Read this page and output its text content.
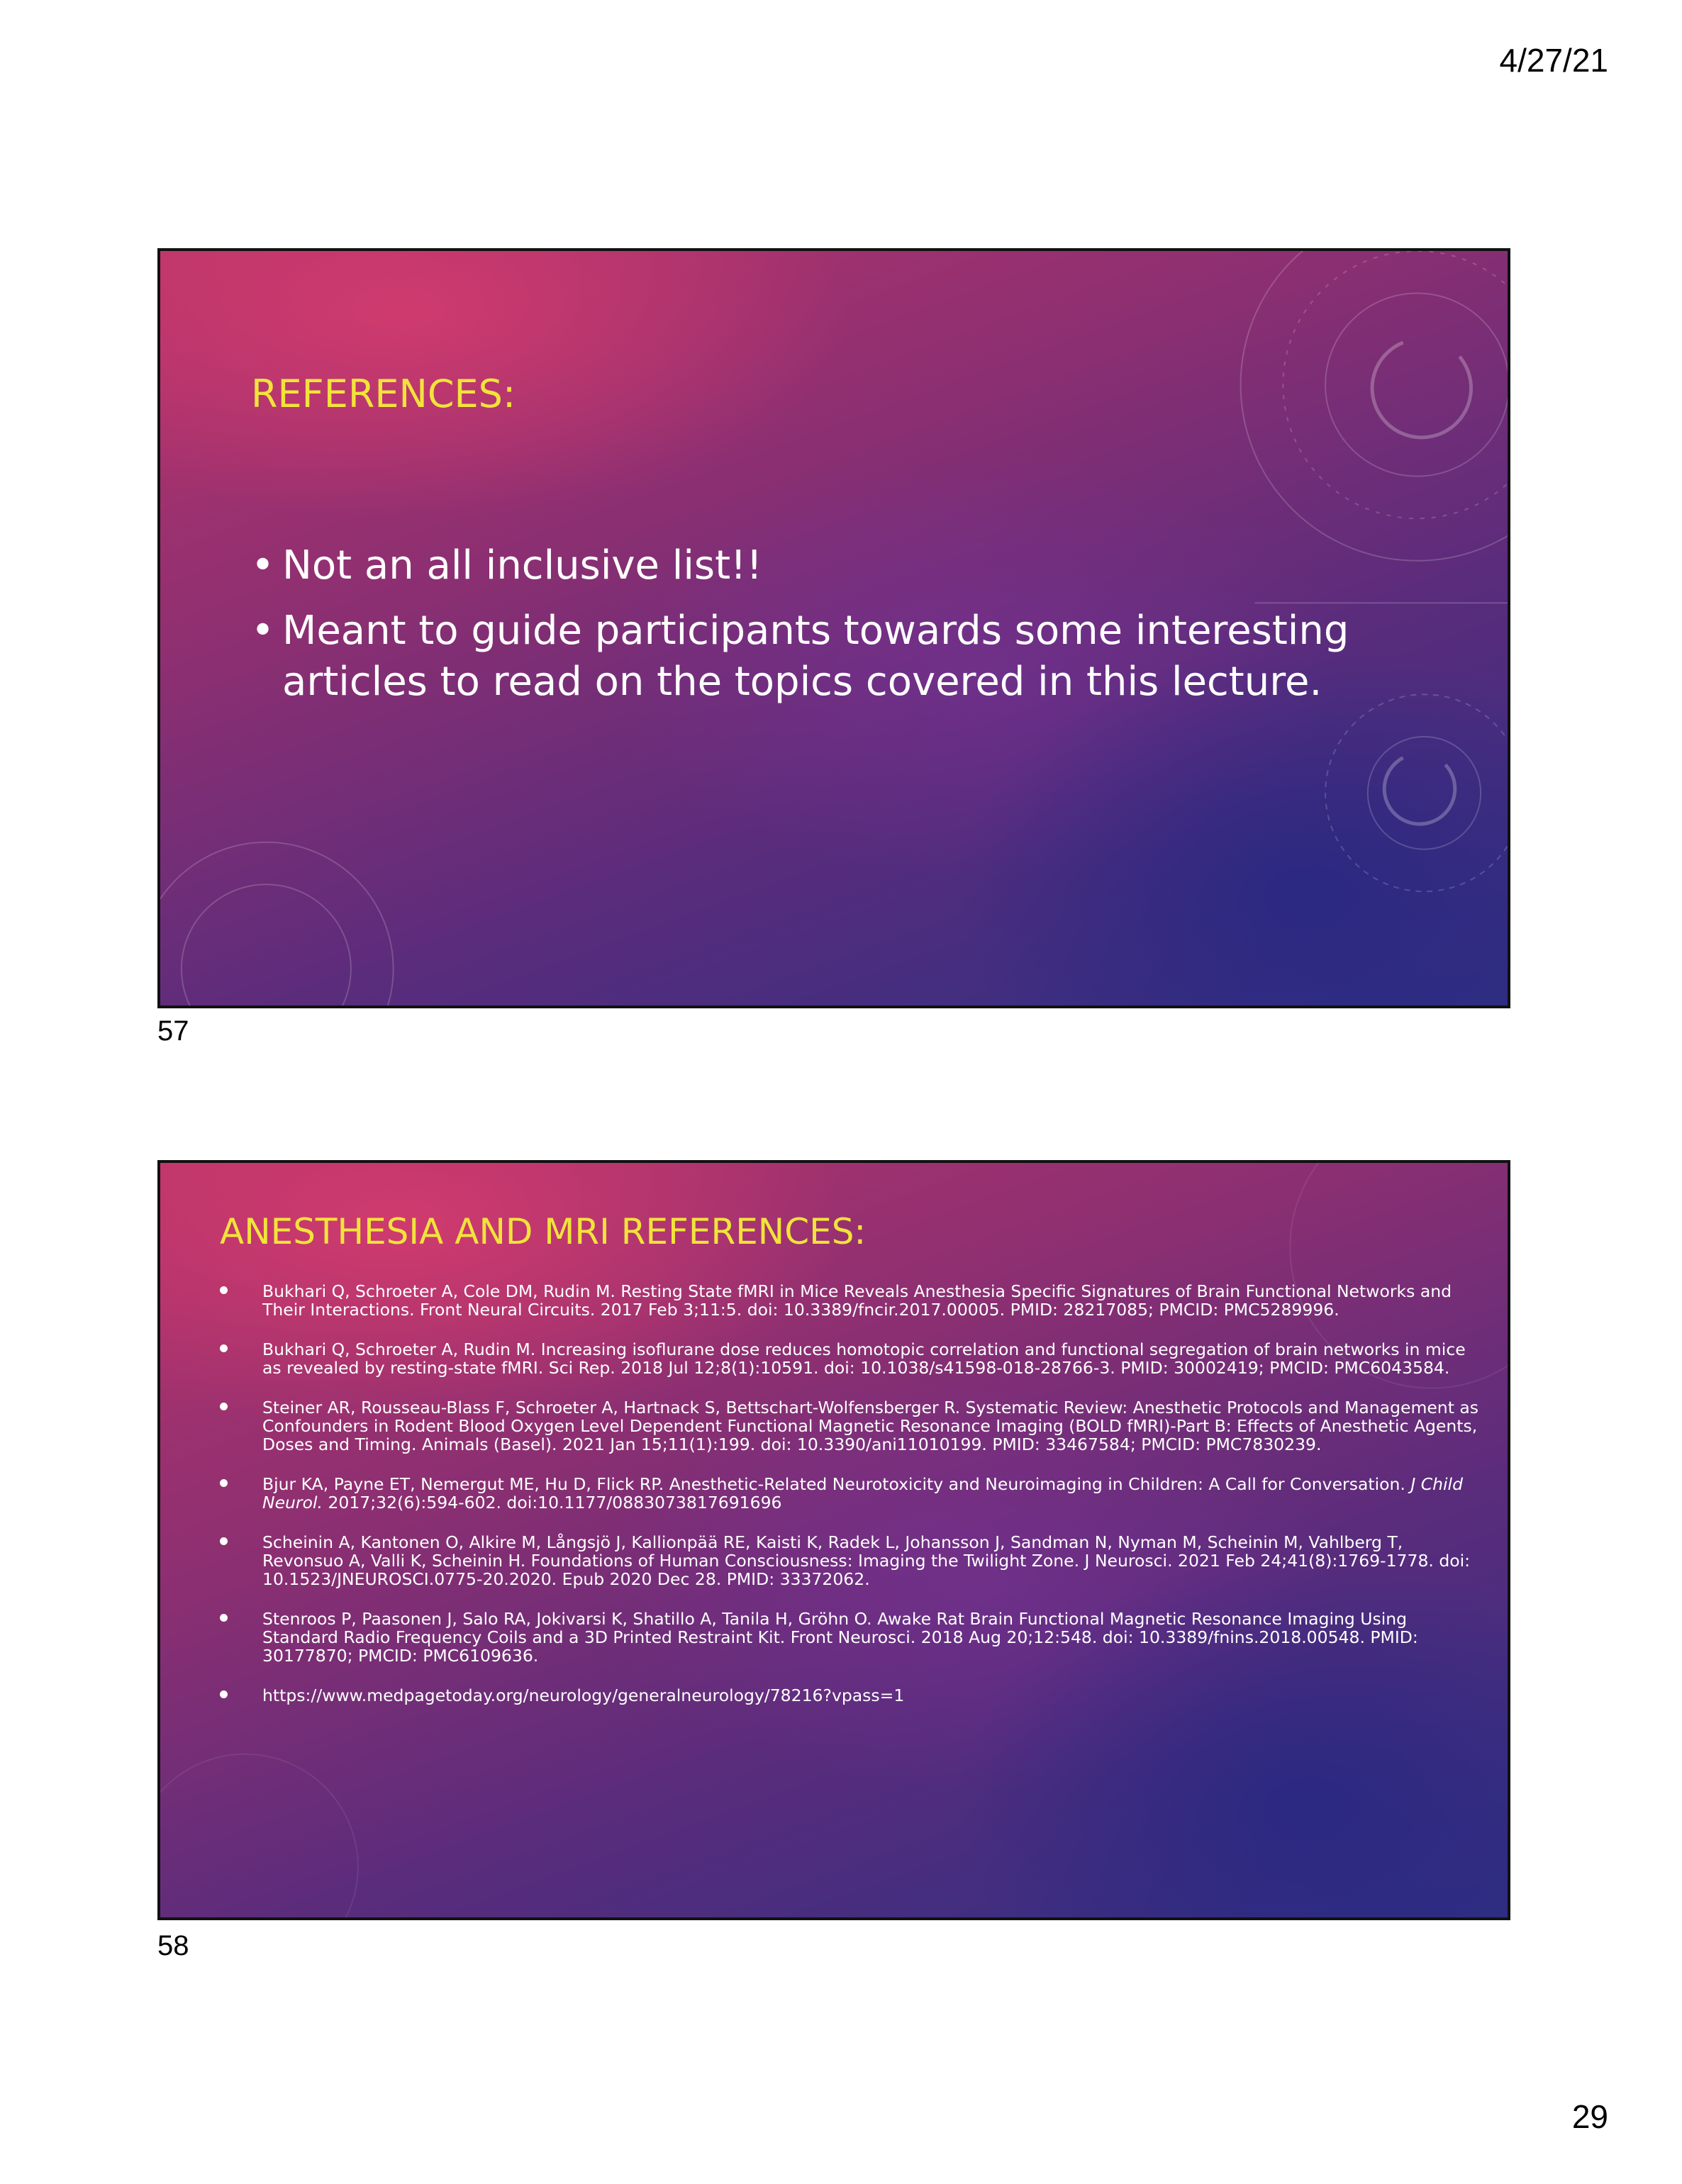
4/27/21
REFERENCES:
• Not an all inclusive list!!
• Meant to guide participants towards some interesting articles to read on the topics covered in this lecture.
57
ANESTHESIA AND MRI REFERENCES:
Bukhari Q, Schroeter A, Cole DM, Rudin M. Resting State fMRI in Mice Reveals Anesthesia Specific Signatures of Brain Functional Networks and Their Interactions. Front Neural Circuits. 2017 Feb 3;11:5. doi: 10.3389/fncir.2017.00005. PMID: 28217085; PMCID: PMC5289996.
Bukhari Q, Schroeter A, Rudin M. Increasing isoflurane dose reduces homotopic correlation and functional segregation of brain networks in mice as revealed by resting-state fMRI. Sci Rep. 2018 Jul 12;8(1):10591. doi: 10.1038/s41598-018-28766-3. PMID: 30002419; PMCID: PMC6043584.
Steiner AR, Rousseau-Blass F, Schroeter A, Hartnack S, Bettschart-Wolfensberger R. Systematic Review: Anesthetic Protocols and Management as Confounders in Rodent Blood Oxygen Level Dependent Functional Magnetic Resonance Imaging (BOLD fMRI)-Part B: Effects of Anesthetic Agents, Doses and Timing. Animals (Basel). 2021 Jan 15;11(1):199. doi: 10.3390/ani11010199. PMID: 33467584; PMCID: PMC7830239.
Bjur KA, Payne ET, Nemergut ME, Hu D, Flick RP. Anesthetic-Related Neurotoxicity and Neuroimaging in Children: A Call for Conversation. J Child Neurol. 2017;32(6):594-602. doi:10.1177/0883073817691696
Scheinin A, Kantonen O, Alkire M, Långsjö J, Kallionpää RE, Kaisti K, Radek L, Johansson J, Sandman N, Nyman M, Scheinin M, Vahlberg T, Revonsuo A, Valli K, Scheinin H. Foundations of Human Consciousness: Imaging the Twilight Zone. J Neurosci. 2021 Feb 24;41(8):1769-1778. doi: 10.1523/JNEUROSCI.0775-20.2020. Epub 2020 Dec 28. PMID: 33372062.
Stenroos P, Paasonen J, Salo RA, Jokivarsi K, Shatillo A, Tanila H, Gröhn O. Awake Rat Brain Functional Magnetic Resonance Imaging Using Standard Radio Frequency Coils and a 3D Printed Restraint Kit. Front Neurosci. 2018 Aug 20;12:548. doi: 10.3389/fnins.2018.00548. PMID: 30177870; PMCID: PMC6109636.
https://www.medpagetoday.org/neurology/generalneurology/78216?vpass=1
58
29
